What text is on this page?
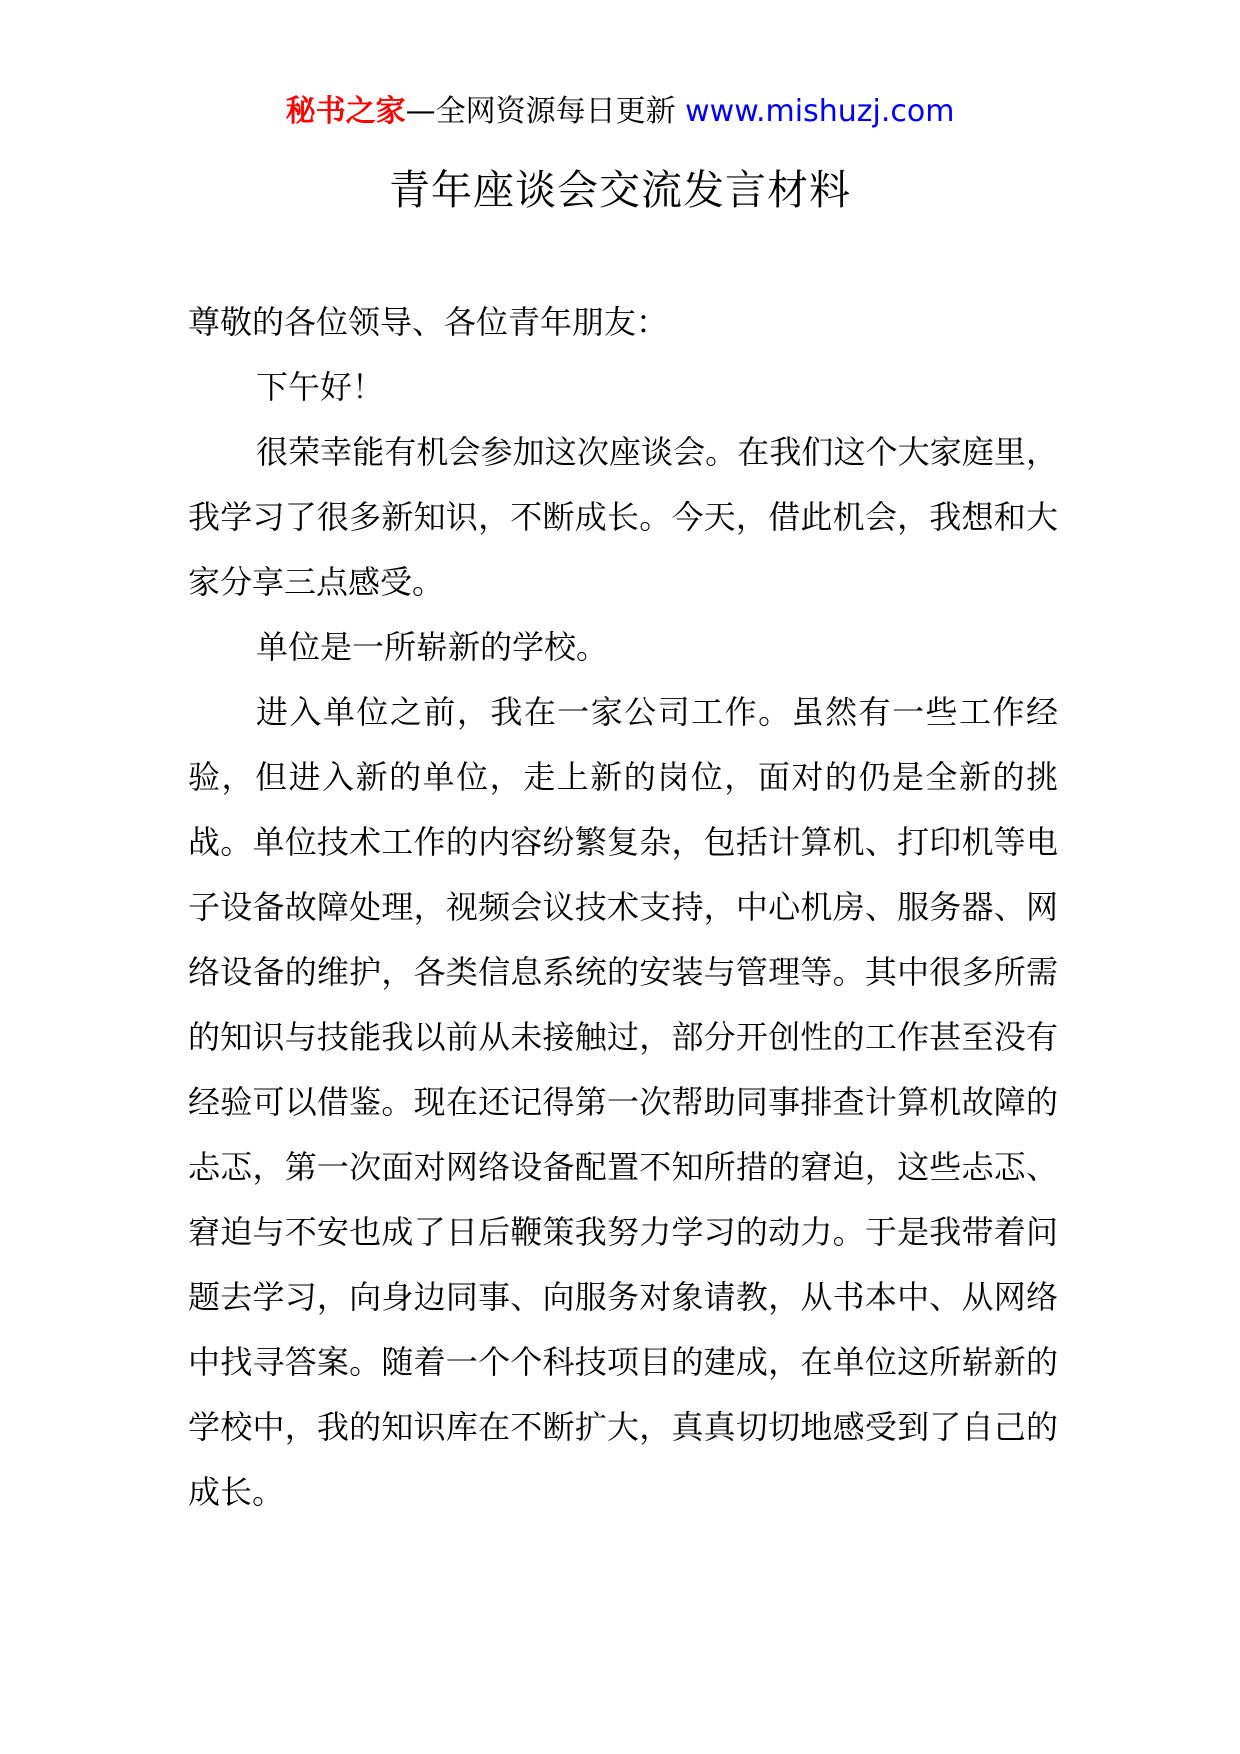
秘书之家—全网资源每日更新 www.mishuzj.com
青年座谈会交流发言材料

尊敬的各位领导、各位青年朋友：

下午好！

很荣幸能有机会参加这次座谈会。在我们这个大家庭里，我学习了很多新知识，不断成长。今天，借此机会，我想和大家分享三点感受。

单位是一所崭新的学校。

进入单位之前，我在一家公司工作。虽然有一些工作经验，但进入新的单位，走上新的岗位，面对的仍是全新的挑战。单位技术工作的内容纷繁复杂，包括计算机、打印机等电子设备故障处理，视频会议技术支持，中心机房、服务器、网络设备的维护，各类信息系统的安装与管理等。其中很多所需的知识与技能我以前从未接触过，部分开创性的工作甚至没有经验可以借鉴。现在还记得第一次帮助同事排查计算机故障的忐忑，第一次面对网络设备配置不知所措的窘迫，这些忐忑、窘迫与不安也成了日后鞭策我努力学习的动力。于是我带着问题去学习，向身边同事、向服务对象请教，从书本中、从网络中找寻答案。随着一个个科技项目的建成，在单位这所崭新的学校中，我的知识库在不断扩大，真真切切地感受到了自己的成长。
